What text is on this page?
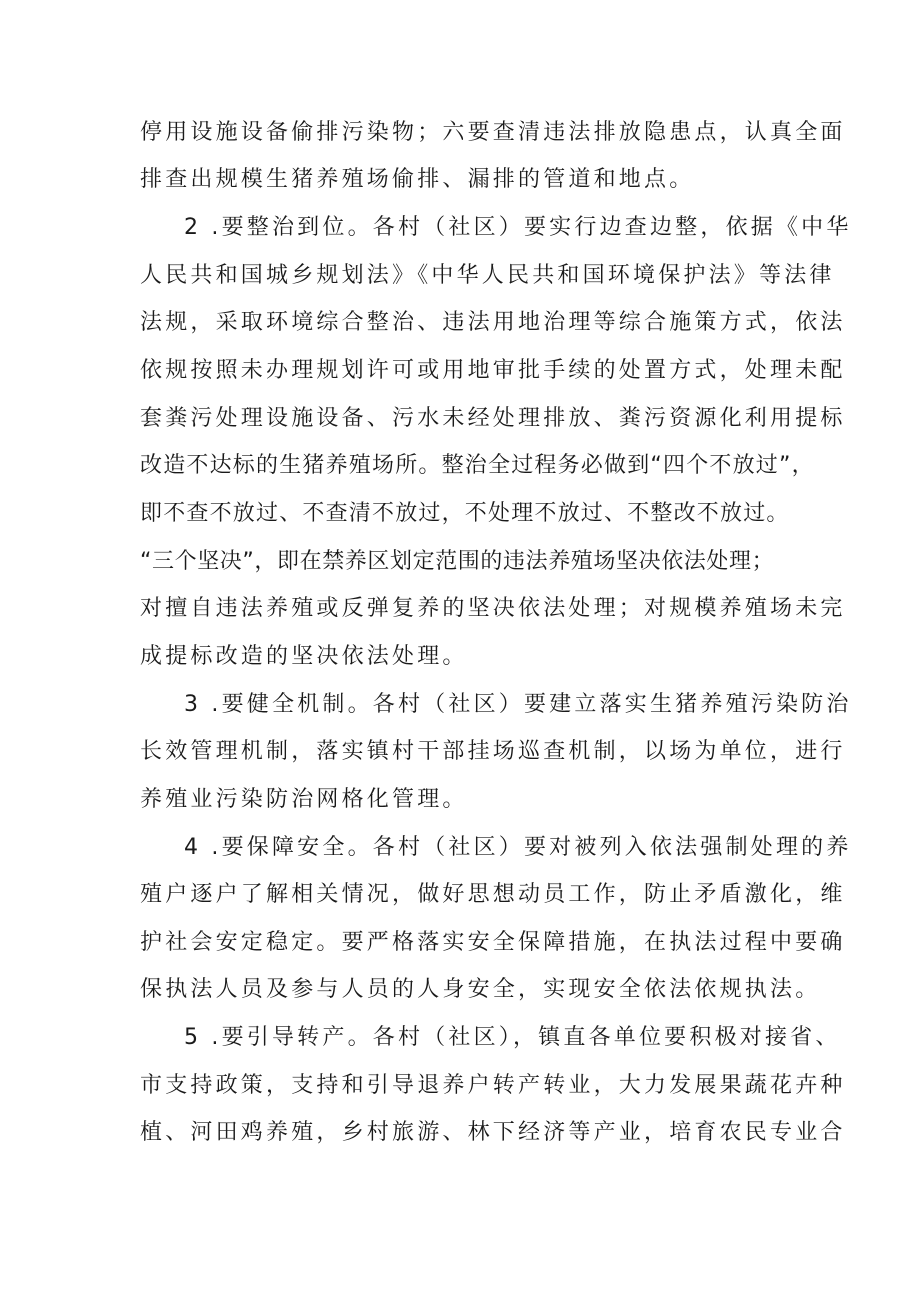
停用设施设备偷排污染物；六要查清违法排放隐患点，认真全面
排查出规模生猪养殖场偷排、漏排的管道和地点。
2 .要整治到位。各村（社区）要实行边查边整，依据《中华
人民共和国城乡规划法》《中华人民共和国环境保护法》等法律
法规，采取环境综合整治、违法用地治理等综合施策方式，依法
依规按照未办理规划许可或用地审批手续的处置方式，处理未配
套粪污处理设施设备、污水未经处理排放、粪污资源化利用提标
改造不达标的生猪养殖场所。整治全过程务必做到“四个不放过”，
即不查不放过、不查清不放过，不处理不放过、不整改不放过。
“三个坚决”，即在禁养区划定范围的违法养殖场坚决依法处理；
对擅自违法养殖或反弹复养的坚决依法处理；对规模养殖场未完
成提标改造的坚决依法处理。
3 .要健全机制。各村（社区）要建立落实生猪养殖污染防治
长效管理机制，落实镇村干部挂场巡查机制，以场为单位，进行
养殖业污染防治网格化管理。
4 .要保障安全。各村（社区）要对被列入依法强制处理的养
殖户逐户了解相关情况，做好思想动员工作，防止矛盾激化，维
护社会安定稳定。要严格落实安全保障措施，在执法过程中要确
保执法人员及参与人员的人身安全，实现安全依法依规执法。
5 .要引导转产。各村（社区），镇直各单位要积极对接省、
市支持政策，支持和引导退养户转产转业，大力发展果蔬花卉种
植、河田鸡养殖，乡村旅游、林下经济等产业，培育农民专业合
